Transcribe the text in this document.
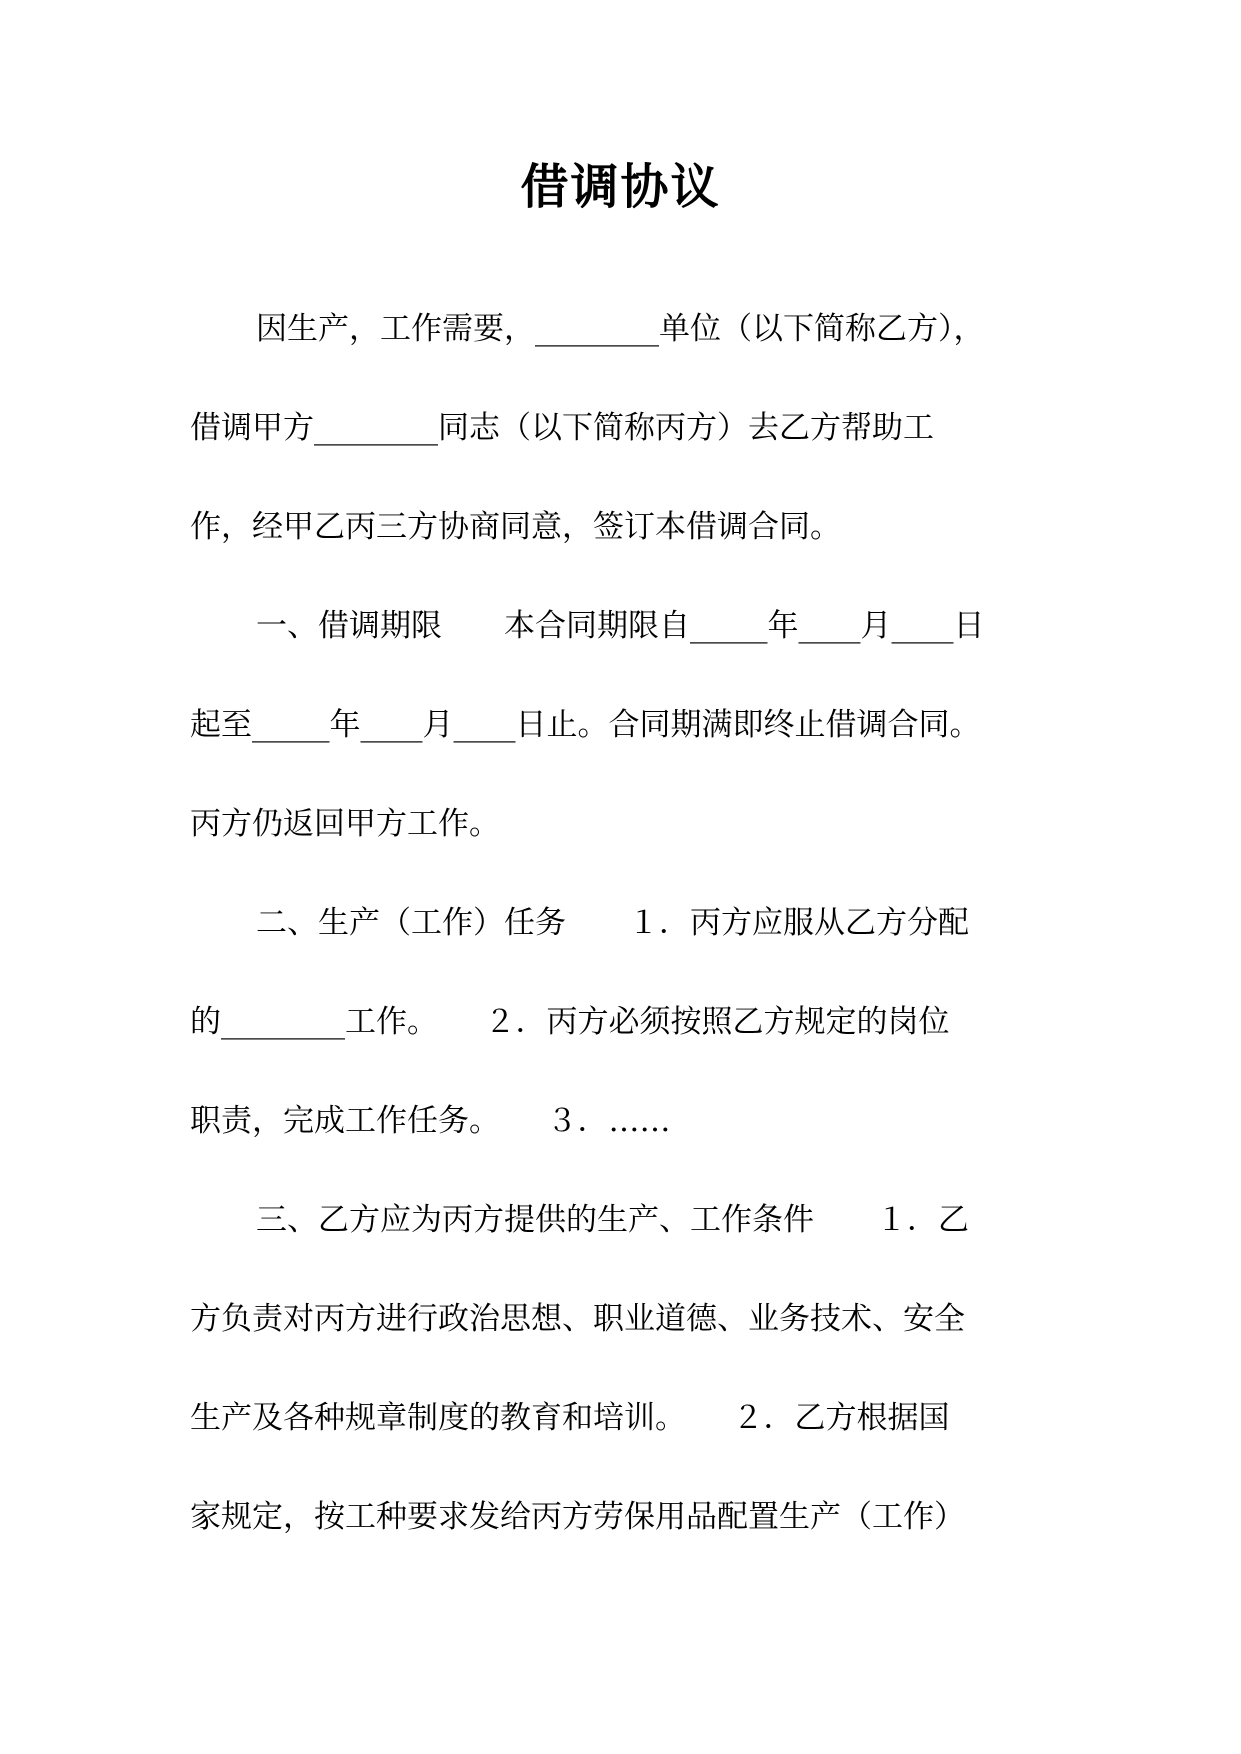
借调协议
因生产，工作需要，________单位（以下简称乙方），
借调甲方________同志（以下简称丙方）去乙方帮助工
作，经甲乙丙三方协商同意，签订本借调合同。
一、借调期限　　本合同期限自_____年____月____日
起至_____年____月____日止。合同期满即终止借调合同。
丙方仍返回甲方工作。
二、生产（工作）任务　　１．丙方应服从乙方分配
的________工作。　　２．丙方必须按照乙方规定的岗位
职责，完成工作任务。　　３．……
三、乙方应为丙方提供的生产、工作条件　　１．乙
方负责对丙方进行政治思想、职业道德、业务技术、安全
生产及各种规章制度的教育和培训。　　２．乙方根据国
家规定，按工种要求发给丙方劳保用品配置生产（工作）
